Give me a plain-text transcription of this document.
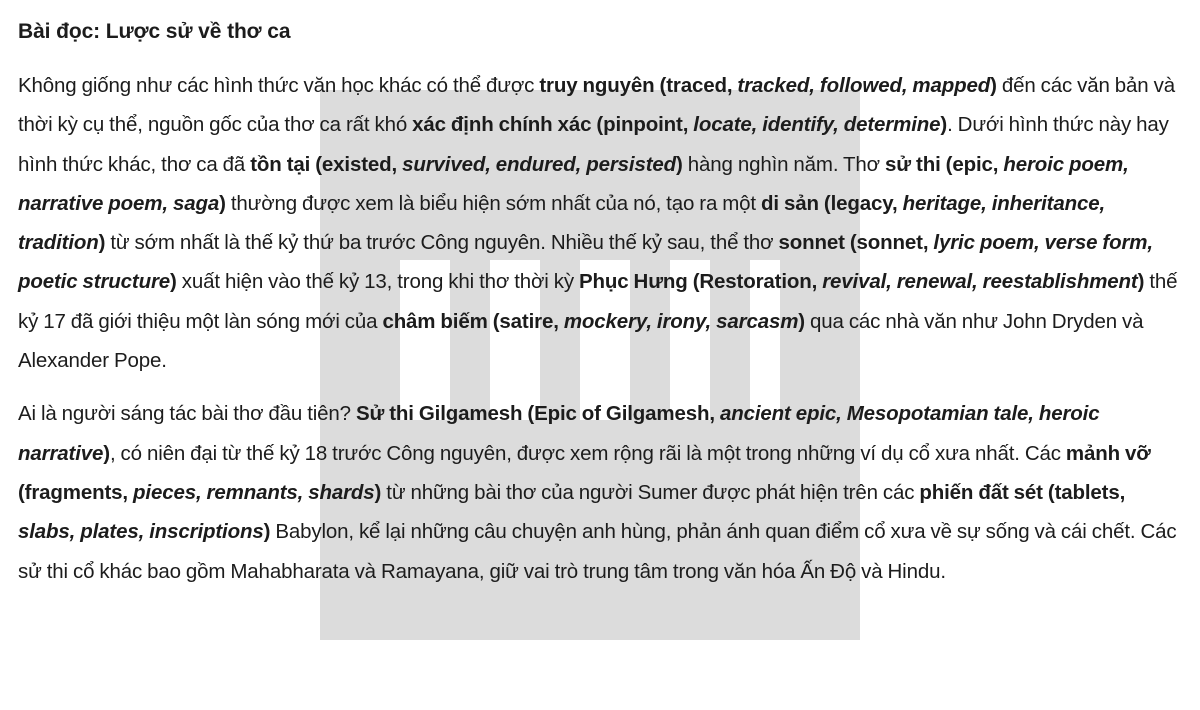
Bài đọc: Lược sử về thơ ca

Không giống như các hình thức văn học khác có thể được truy nguyên (traced, tracked, followed, mapped) đến các văn bản và thời kỳ cụ thể, nguồn gốc của thơ ca rất khó xác định chính xác (pinpoint, locate, identify, determine). Dưới hình thức này hay hình thức khác, thơ ca đã tồn tại (existed, survived, endured, persisted) hàng nghìn năm. Thơ sử thi (epic, heroic poem, narrative poem, saga) thường được xem là biểu hiện sớm nhất của nó, tạo ra một di sản (legacy, heritage, inheritance, tradition) từ sớm nhất là thế kỷ thứ ba trước Công nguyên. Nhiều thế kỷ sau, thể thơ sonnet (sonnet, lyric poem, verse form, poetic structure) xuất hiện vào thế kỷ 13, trong khi thơ thời kỳ Phục Hưng (Restoration, revival, renewal, reestablishment) thế kỷ 17 đã giới thiệu một làn sóng mới của châm biếm (satire, mockery, irony, sarcasm) qua các nhà văn như John Dryden và Alexander Pope.

Ai là người sáng tác bài thơ đầu tiên? Sử thi Gilgamesh (Epic of Gilgamesh, ancient epic, Mesopotamian tale, heroic narrative), có niên đại từ thế kỷ 18 trước Công nguyên, được xem rộng rãi là một trong những ví dụ cổ xưa nhất. Các mảnh vỡ (fragments, pieces, remnants, shards) từ những bài thơ của người Sumer được phát hiện trên các phiến đất sét (tablets, slabs, plates, inscriptions) Babylon, kể lại những câu chuyện anh hùng, phản ánh quan điểm cổ xưa về sự sống và cái chết. Các sử thi cổ khác bao gồm Mahabharata và Ramayana, giữ vai trò trung tâm trong văn hóa Ấn Độ và Hindu.
